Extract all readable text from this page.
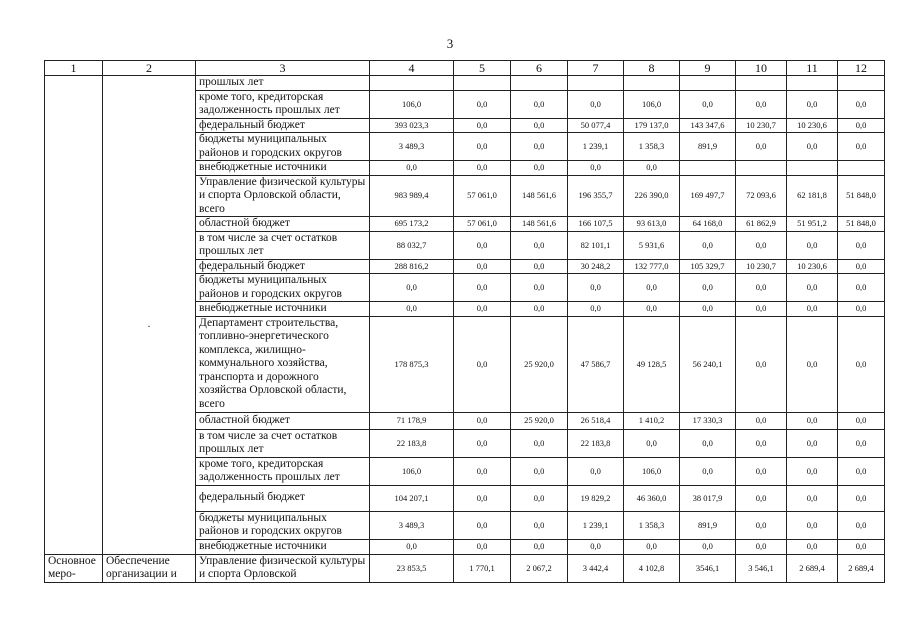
3
1	2	3	4	5	6	7	8	9	10	11	12
	.	прошлых лет									
		кроме того, кредиторская задолженность прошлых лет	106,0	0,0	0,0	0,0	106,0	0,0	0,0	0,0	0,0
		федеральный бюджет	393 023,3	0,0	0,0	50 077,4	179 137,0	143 347,6	10 230,7	10 230,6	0,0
		бюджеты муниципальных районов и городских округов	3 489,3	0,0	0,0	1 239,1	1 358,3	891,9	0,0	0,0	0,0
		внебюджетные источники	0,0	0,0	0,0	0,0	0,0				
		Управление физической культуры и спорта Орловской области, всего	983 989,4	57 061,0	148 561,6	196 355,7	226 390,0	169 497,7	72 093,6	62 181,8	51 848,0
		областной бюджет	695 173,2	57 061,0	148 561,6	166 107,5	93 613,0	64 168,0	61 862,9	51 951,2	51 848,0
		в том числе за счет остатков прошлых лет	88 032,7	0,0	0,0	82 101,1	5 931,6	0,0	0,0	0,0	0,0
		федеральный бюджет	288 816,2	0,0	0,0	30 248,2	132 777,0	105 329,7	10 230,7	10 230,6	0,0
		бюджеты муниципальных районов и городских округов	0,0	0,0	0,0	0,0	0,0	0,0	0,0	0,0	0,0
		внебюджетные источники	0,0	0,0	0,0	0,0	0,0	0,0	0,0	0,0	0,0
		Департамент строительства, топливно-энергетического комплекса, жилищно-коммунального хозяйства, транспорта и дорожного хозяйства Орловской области, всего	178 875,3	0,0	25 920,0	47 586,7	49 128,5	56 240,1	0,0	0,0	0,0
		областной бюджет	71 178,9	0,0	25 920,0	26 518,4	1 410,2	17 330,3	0,0	0,0	0,0
		в том числе за счет остатков прошлых лет	22 183,8	0,0	0,0	22 183,8	0,0	0,0	0,0	0,0	0,0
		кроме того, кредиторская задолженность прошлых лет	106,0	0,0	0,0	0,0	106,0	0,0	0,0	0,0	0,0
		федеральный бюджет	104 207,1	0,0	0,0	19 829,2	46 360,0	38 017,9	0,0	0,0	0,0
		бюджеты муниципальных районов и городских округов	3 489,3	0,0	0,0	1 239,1	1 358,3	891,9	0,0	0,0	0,0
		внебюджетные источники	0,0	0,0	0,0	0,0	0,0	0,0	0,0	0,0	0,0
Основное меро-	Обеспечение организации и	Управление физической культуры и спорта Орловской	23 853,5	1 770,1	2 067,2	3 442,4	4 102,8	3546,1	3 546,1	2 689,4	2 689,4
